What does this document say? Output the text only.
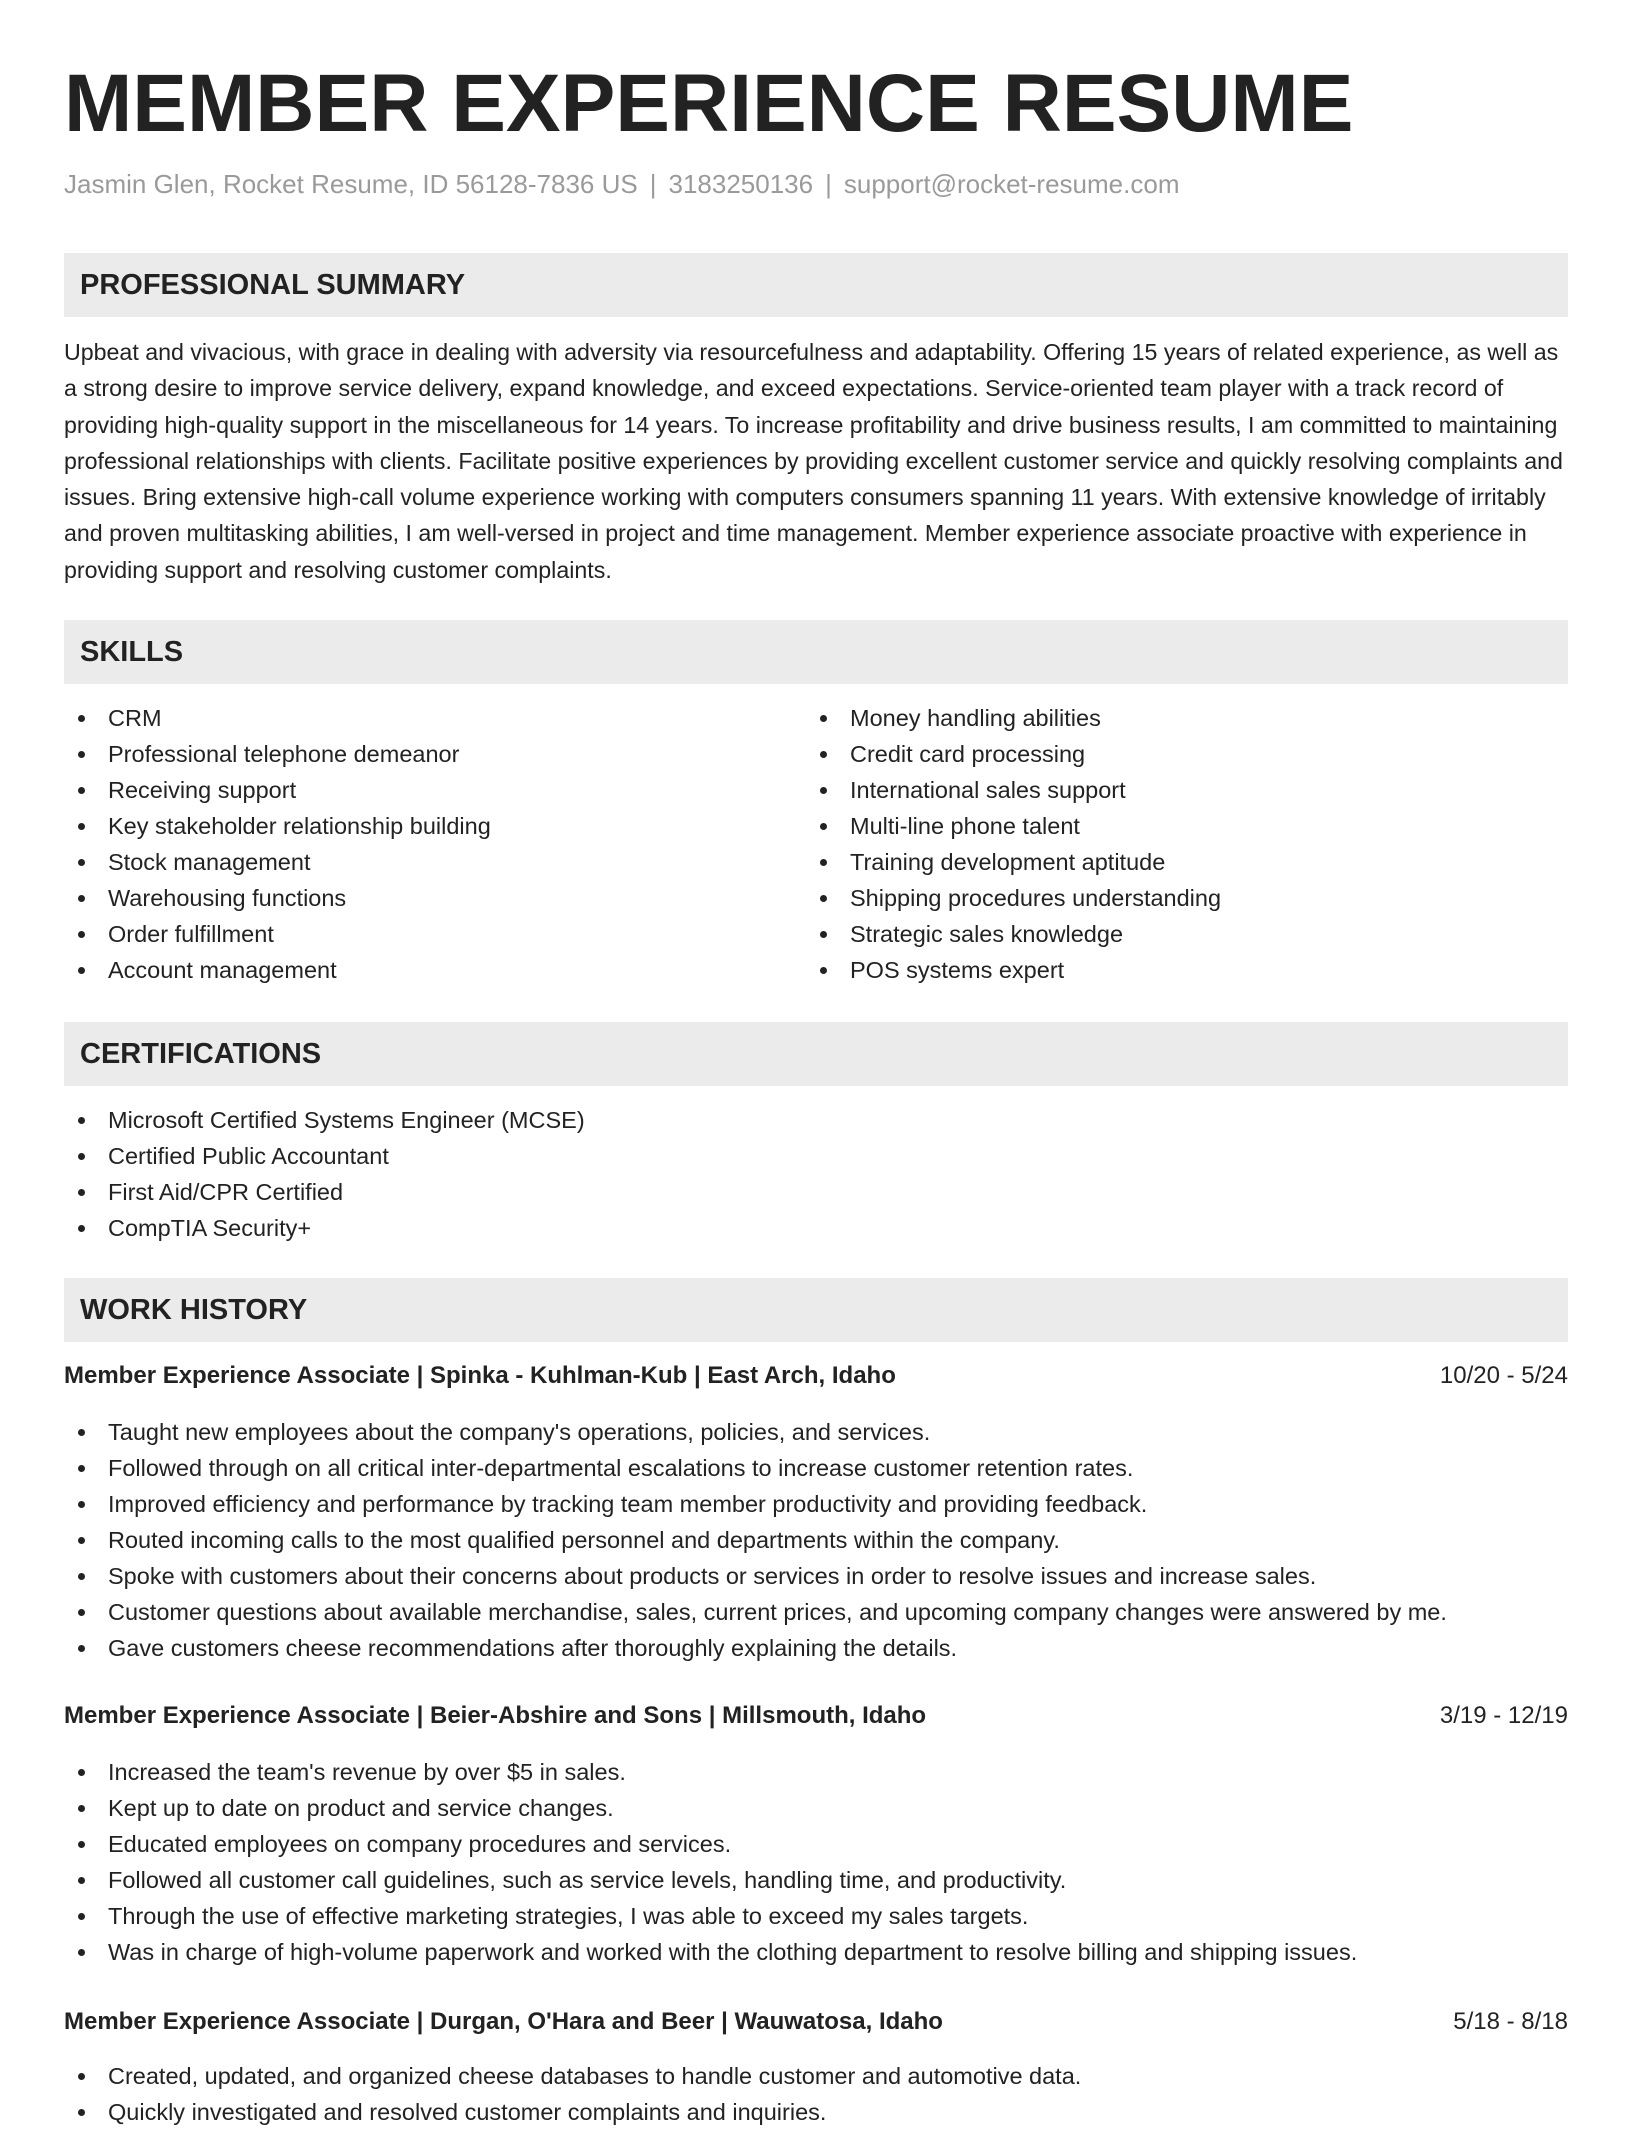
MEMBER EXPERIENCE RESUME
Jasmin Glen, Rocket Resume, ID 56128-7836 US | 3183250136 | support@rocket-resume.com
PROFESSIONAL SUMMARY

Upbeat and vivacious, with grace in dealing with adversity via resourcefulness and adaptability. Offering 15 years of related experience, as well as a strong desire to improve service delivery, expand knowledge, and exceed expectations. Service-oriented team player with a track record of providing high-quality support in the miscellaneous for 14 years. To increase profitability and drive business results, I am committed to maintaining professional relationships with clients. Facilitate positive experiences by providing excellent customer service and quickly resolving complaints and issues. Bring extensive high-call volume experience working with computers consumers spanning 11 years. With extensive knowledge of irritably and proven multitasking abilities, I am well-versed in project and time management. Member experience associate proactive with experience in providing support and resolving customer complaints.

SKILLS
CRM
Professional telephone demeanor
Receiving support
Key stakeholder relationship building
Stock management
Warehousing functions
Order fulfillment
Account management
Money handling abilities
Credit card processing
International sales support
Multi-line phone talent
Training development aptitude
Shipping procedures understanding
Strategic sales knowledge
POS systems expert
CERTIFICATIONS
Microsoft Certified Systems Engineer (MCSE)
Certified Public Accountant
First Aid/CPR Certified
CompTIA Security+
WORK HISTORY
Member Experience Associate | Spinka - Kuhlman-Kub | East Arch, Idaho	10/20 - 5/24
Taught new employees about the company's operations, policies, and services.
Followed through on all critical inter-departmental escalations to increase customer retention rates.
Improved efficiency and performance by tracking team member productivity and providing feedback.
Routed incoming calls to the most qualified personnel and departments within the company.
Spoke with customers about their concerns about products or services in order to resolve issues and increase sales.
Customer questions about available merchandise, sales, current prices, and upcoming company changes were answered by me.
Gave customers cheese recommendations after thoroughly explaining the details.
Member Experience Associate | Beier-Abshire and Sons | Millsmouth, Idaho	3/19 - 12/19
Increased the team's revenue by over $5 in sales.
Kept up to date on product and service changes.
Educated employees on company procedures and services.
Followed all customer call guidelines, such as service levels, handling time, and productivity.
Through the use of effective marketing strategies, I was able to exceed my sales targets.
Was in charge of high-volume paperwork and worked with the clothing department to resolve billing and shipping issues.
Member Experience Associate | Durgan, O'Hara and Beer | Wauwatosa, Idaho	5/18 - 8/18
Created, updated, and organized cheese databases to handle customer and automotive data.
Quickly investigated and resolved customer complaints and inquiries.
